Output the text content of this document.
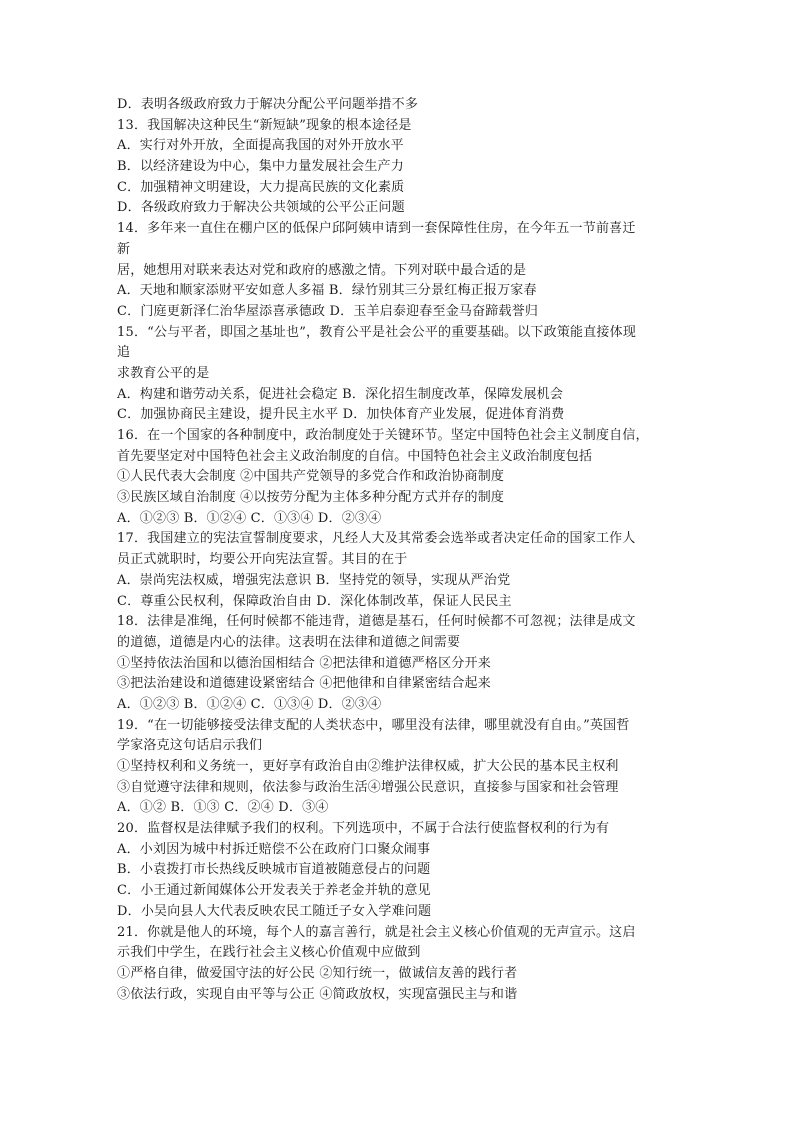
D．表明各级政府致力于解决分配公平问题举措不多
13．我国解决这种民生“新短缺”现象的根本途径是
A．实行对外开放，全面提高我国的对外开放水平
B．以经济建设为中心，集中力量发展社会生产力
C．加强精神文明建设，大力提高民族的文化素质
D．各级政府致力于解决公共领域的公平公正问题
14．多年来一直住在棚户区的低保户邱阿姨申请到一套保障性住房，在今年五一节前喜迁
新
居，她想用对联来表达对党和政府的感激之情。下列对联中最合适的是
A．天地和顺家添财平安如意人多福 B．绿竹别其三分景红梅正报万家春
C．门庭更新泽仁治华屋添喜承德政 D．玉羊启泰迎春至金马奋蹄载誉归
15．“公与平者，即国之基址也”，教育公平是社会公平的重要基础。以下政策能直接体现
追
求教育公平的是
A．构建和谐劳动关系，促进社会稳定 B．深化招生制度改革，保障发展机会
C．加强协商民主建设，提升民主水平 D．加快体育产业发展，促进体育消费
16．在一个国家的各种制度中，政治制度处于关键环节。坚定中国特色社会主义制度自信，
首先要坚定对中国特色社会主义政治制度的自信。中国特色社会主义政治制度包括
①人民代表大会制度 ②中国共产党领导的多党合作和政治协商制度
③民族区域自治制度 ④以按劳分配为主体多种分配方式并存的制度
A．①②③ B．①②④ C．①③④ D．②③④
17．我国建立的宪法宣誓制度要求，凡经人大及其常委会选举或者决定任命的国家工作人
员正式就职时，均要公开向宪法宣誓。其目的在于
A．崇尚宪法权威，增强宪法意识 B．坚持党的领导，实现从严治党
C．尊重公民权利，保障政治自由 D．深化体制改革，保证人民民主
18．法律是准绳，任何时候都不能违背，道德是基石，任何时候都不可忽视；法律是成文
的道德，道德是内心的法律。这表明在法律和道德之间需要
①坚持依法治国和以德治国相结合 ②把法律和道德严格区分开来
③把法治建设和道德建设紧密结合 ④把他律和自律紧密结合起来
A．①②③ B．①②④ C．①③④ D．②③④
19．“在一切能够接受法律支配的人类状态中，哪里没有法律，哪里就没有自由。”英国哲
学家洛克这句话启示我们
①坚持权利和义务统一，更好享有政治自由②维护法律权威，扩大公民的基本民主权利
③自觉遵守法律和规则，依法参与政治生活④增强公民意识，直接参与国家和社会管理
A．①② B．①③ C．②④ D．③④
20．监督权是法律赋予我们的权利。下列选项中，不属于合法行使监督权利的行为有
A．小刘因为城中村拆迁赔偿不公在政府门口聚众闹事
B．小袁拨打市长热线反映城市盲道被随意侵占的问题
C．小王通过新闻媒体公开发表关于养老金并轨的意见
D．小吴向县人大代表反映农民工随迁子女入学难问题
21．你就是他人的环境，每个人的嘉言善行，就是社会主义核心价值观的无声宣示。这启
示我们中学生，在践行社会主义核心价值观中应做到
①严格自律，做爱国守法的好公民 ②知行统一，做诚信友善的践行者
③依法行政，实现自由平等与公正 ④简政放权，实现富强民主与和谐
